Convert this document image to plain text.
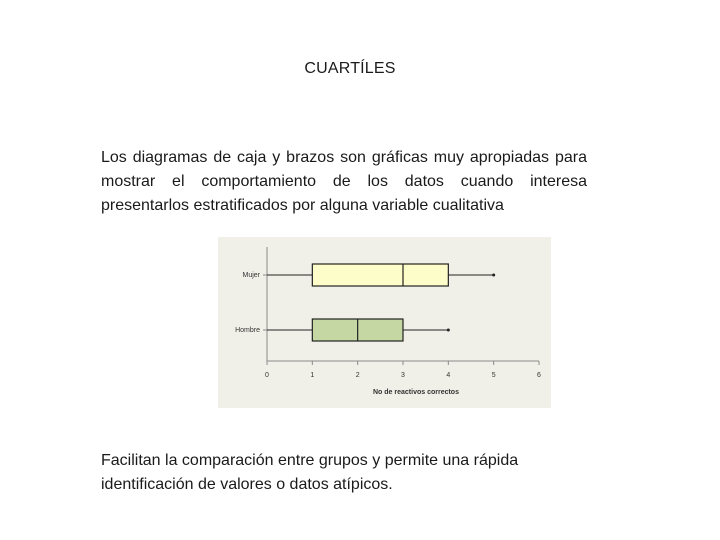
CUARTÍLES
Los diagramas de caja y brazos son gráficas muy apropiadas para mostrar el comportamiento de los datos cuando interesa presentarlos estratificados por alguna variable cualitativa
0	1	2	3	4	5	6
No de reactivos correctos
Mujer
Hombre
Facilitan la comparación entre grupos y permite una rápida identificación de valores o datos atípicos.
